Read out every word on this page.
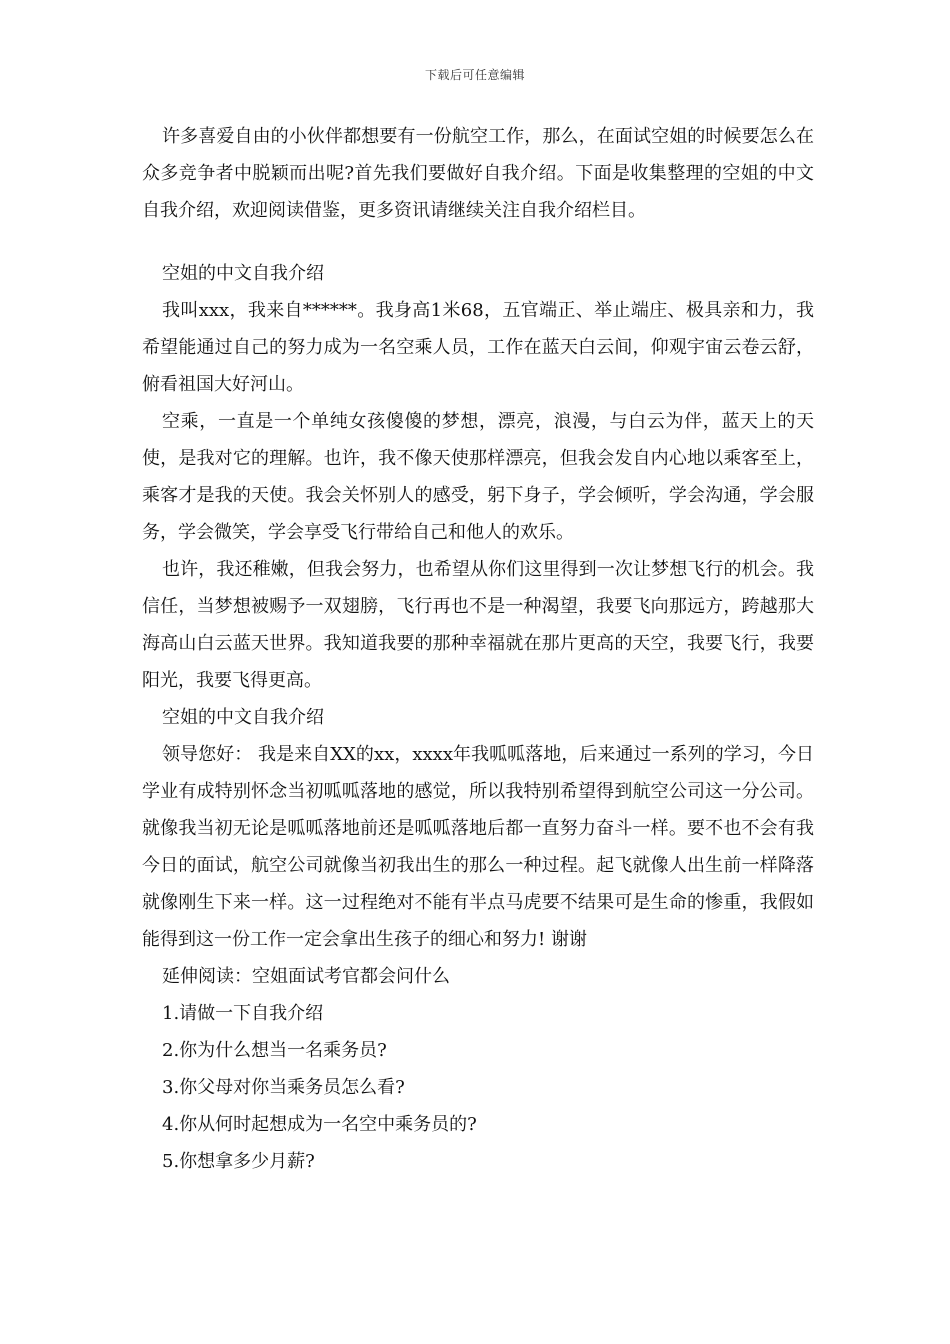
下载后可任意编辑

许多喜爱自由的小伙伴都想要有一份航空工作，那么，在面试空姐的时候要怎么在众多竞争者中脱颖而出呢?首先我们要做好自我介绍。下面是收集整理的空姐的中文自我介绍，欢迎阅读借鉴，更多资讯请继续关注自我介绍栏目。

空姐的中文自我介绍

我叫xxx，我来自******。我身高1米68，五官端正、举止端庄、极具亲和力，我希望能通过自己的努力成为一名空乘人员，工作在蓝天白云间，仰观宇宙云卷云舒，俯看祖国大好河山。

空乘，一直是一个单纯女孩傻傻的梦想，漂亮，浪漫，与白云为伴，蓝天上的天使，是我对它的理解。也许，我不像天使那样漂亮，但我会发自内心地以乘客至上，乘客才是我的天使。我会关怀别人的感受，躬下身子，学会倾听，学会沟通，学会服务，学会微笑，学会享受飞行带给自己和他人的欢乐。

也许，我还稚嫩，但我会努力，也希望从你们这里得到一次让梦想飞行的机会。我信任，当梦想被赐予一双翅膀，飞行再也不是一种渴望，我要飞向那远方，跨越那大海高山白云蓝天世界。我知道我要的那种幸福就在那片更高的天空，我要飞行，我要阳光，我要飞得更高。

空姐的中文自我介绍

领导您好： 我是来自XX的xx，xxxx年我呱呱落地，后来通过一系列的学习，今日学业有成特别怀念当初呱呱落地的感觉，所以我特别希望得到航空公司这一分公司。就像我当初无论是呱呱落地前还是呱呱落地后都一直努力奋斗一样。要不也不会有我今日的面试，航空公司就像当初我出生的那么一种过程。起飞就像人出生前一样降落就像刚生下来一样。这一过程绝对不能有半点马虎要不结果可是生命的惨重，我假如能得到这一份工作一定会拿出生孩子的细心和努力! 谢谢

延伸阅读：空姐面试考官都会问什么

1.请做一下自我介绍

2.你为什么想当一名乘务员?

3.你父母对你当乘务员怎么看?

4.你从何时起想成为一名空中乘务员的?

5.你想拿多少月薪?
